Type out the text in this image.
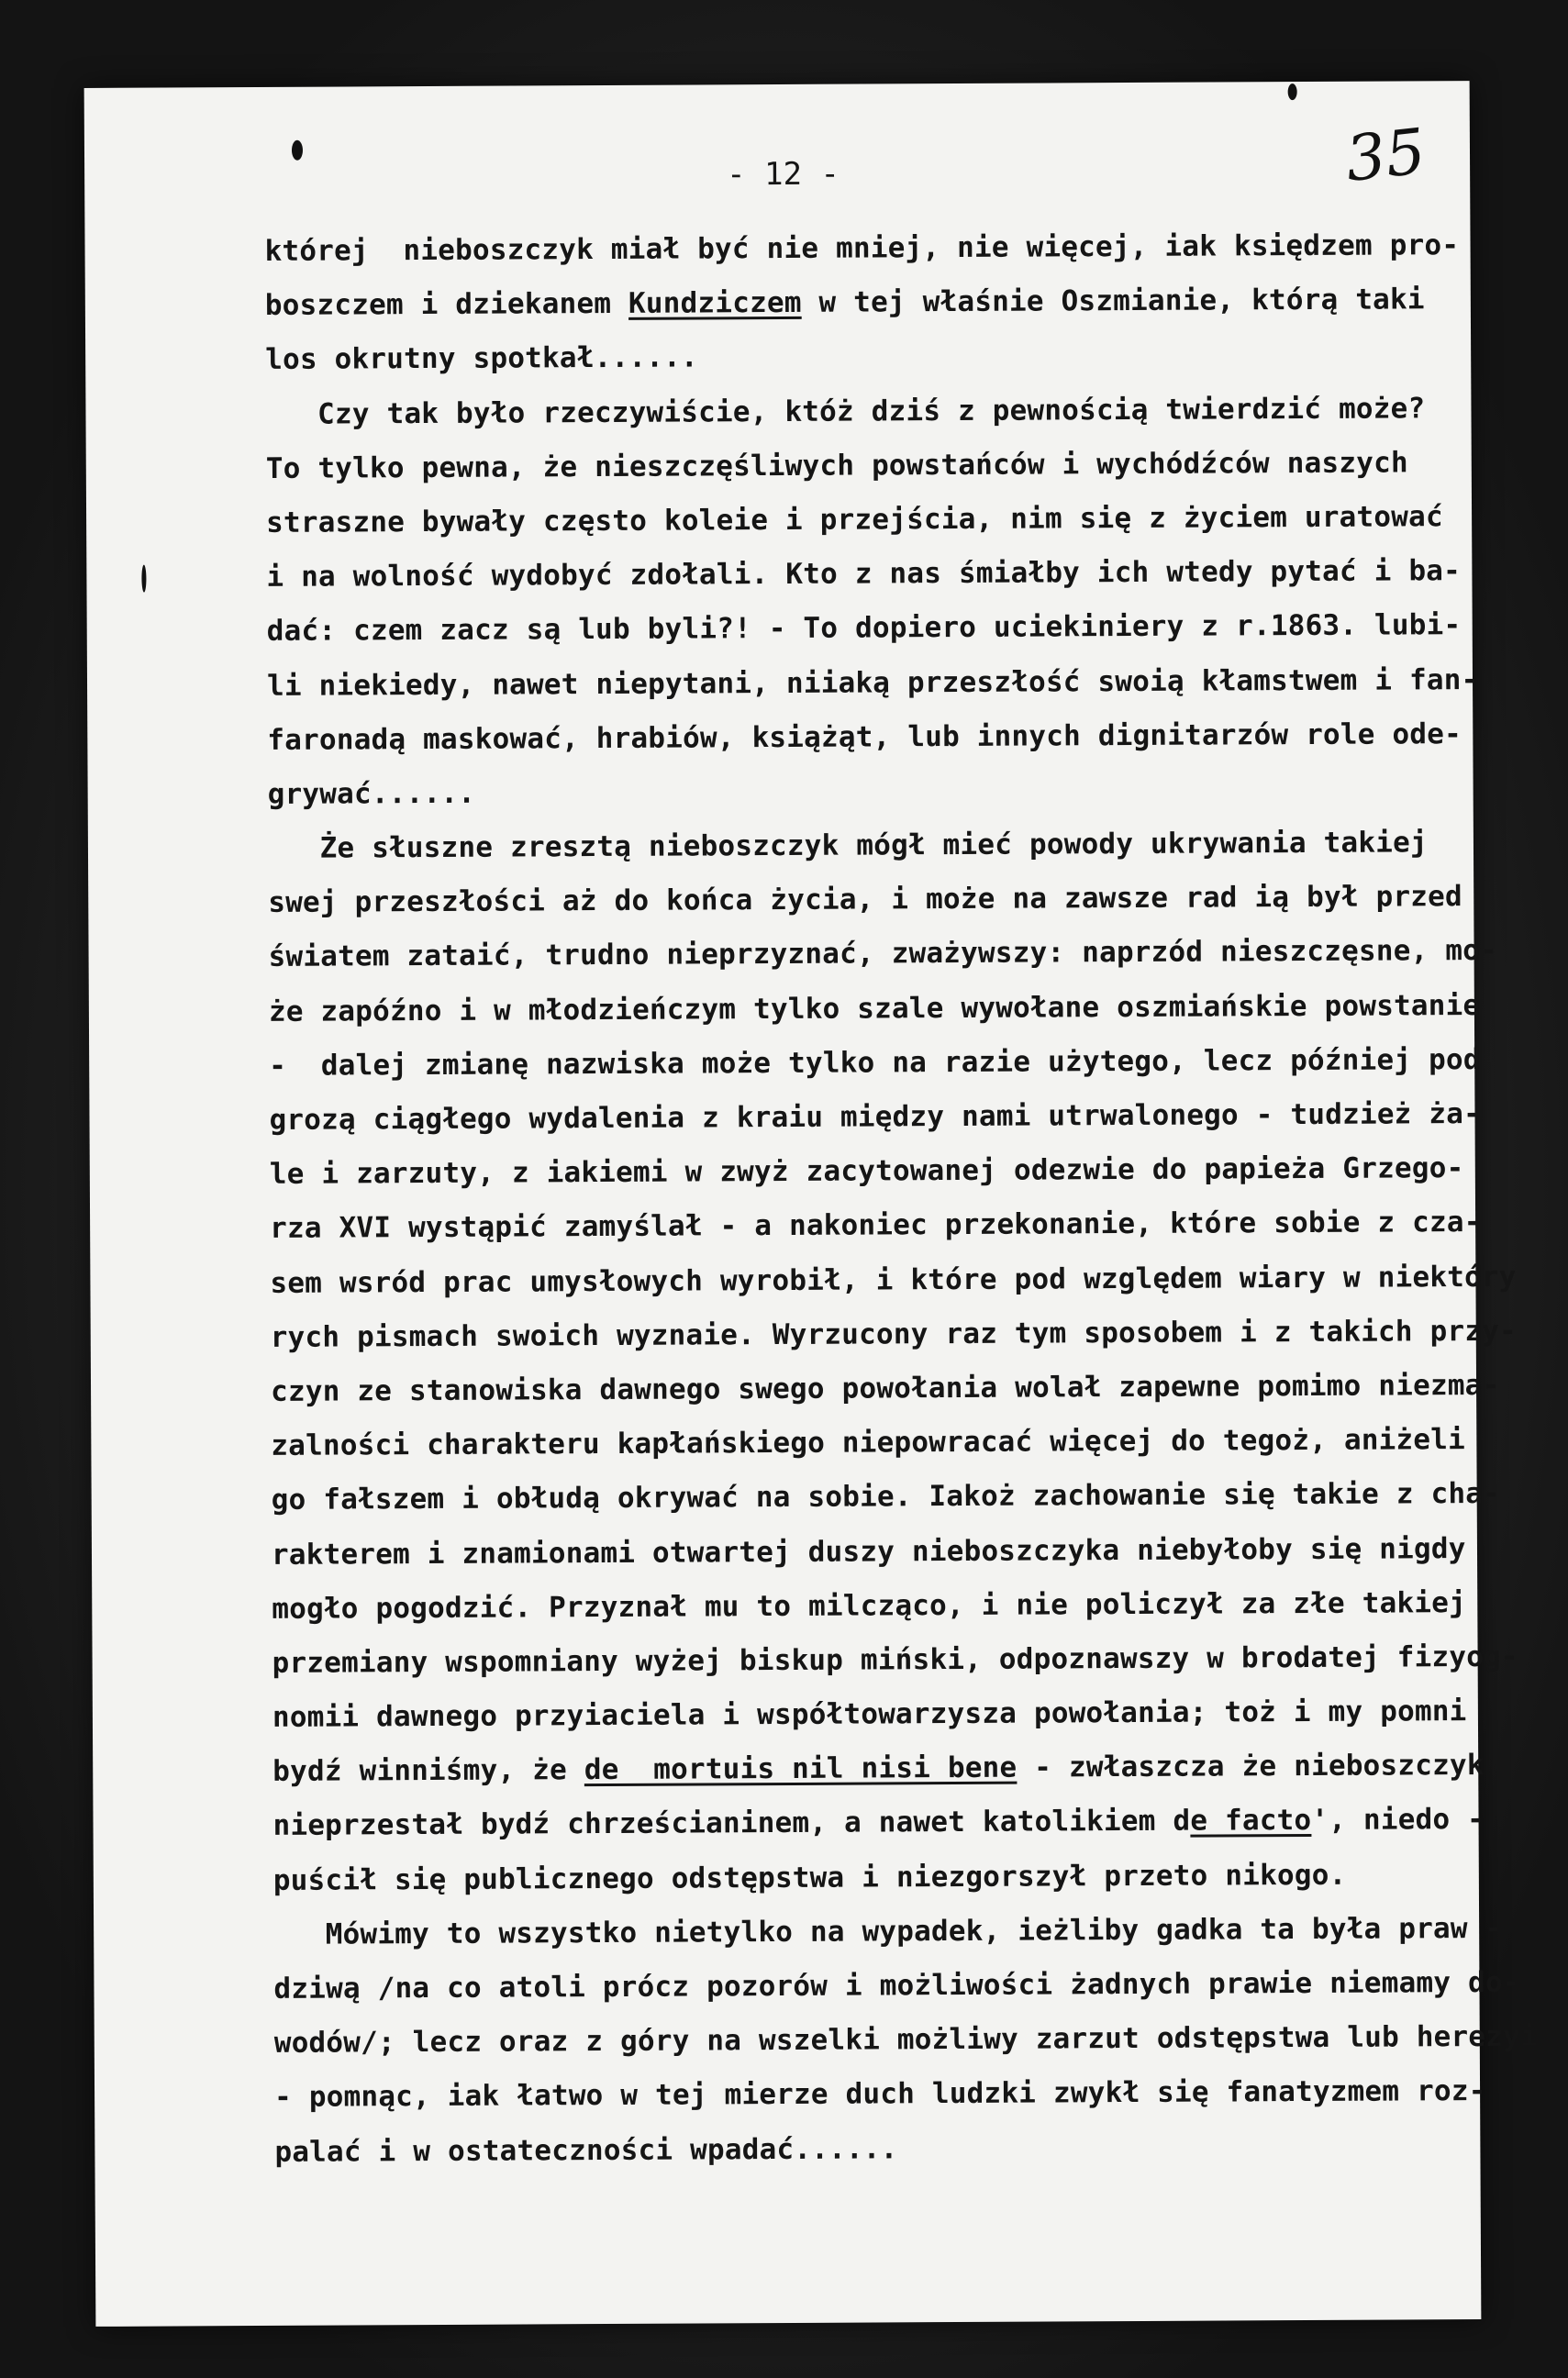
- 12 -	35
której  nieboszczyk miał być nie mniej, nie więcej, iak księdzem pro-
boszczem i dziekanem Kundziczem w tej właśnie Oszmianie, którą taki
los okrutny spotkał......
Czy tak było rzeczywiście, któż dziś z pewnością twierdzić może?
To tylko pewna, że nieszczęśliwych powstańców i wychódźców naszych
straszne bywały często koleie i przejścia, nim się z życiem uratować
i na wolność wydobyć zdołali. Kto z nas śmiałby ich wtedy pytać i ba-
dać: czem zacz są lub byli?! - To dopiero uciekiniery z r.1863. lubi-
li niekiedy, nawet niepytani, niiaką przeszłość swoią kłamstwem i fan-
faronadą maskować, hrabiów, książąt, lub innych dignitarzów role ode-
grywać......
Że słuszne zresztą nieboszczyk mógł mieć powody ukrywania takiej
swej przeszłości aż do końca życia, i może na zawsze rad ią był przed
światem zataić, trudno nieprzyznać, zważywszy: naprzód nieszczęsne, mo-
że zapóźno i w młodzieńczym tylko szale wywołane oszmiańskie powstanie
-  dalej zmianę nazwiska może tylko na razie użytego, lecz później pod
grozą ciągłego wydalenia z kraiu między nami utrwalonego - tudzież ża-
le i zarzuty, z iakiemi w zwyż zacytowanej odezwie do papieża Grzego-
rza XVI wystąpić zamyślał - a nakoniec przekonanie, które sobie z cza-
sem wsród prac umysłowych wyrobił, i które pod względem wiary w niektóry
rych pismach swoich wyznaie. Wyrzucony raz tym sposobem i z takich przy-
czyn ze stanowiska dawnego swego powołania wolał zapewne pomimo niezma-
zalności charakteru kapłańskiego niepowracać więcej do tegoż, aniżeli
go fałszem i obłudą okrywać na sobie. Iakoż zachowanie się takie z cha-
rakterem i znamionami otwartej duszy nieboszczyka niebyłoby się nigdy
mogło pogodzić. Przyznał mu to milcząco, i nie policzył za złe takiej
przemiany wspomniany wyżej biskup miński, odpoznawszy w brodatej fizyog-
nomii dawnego przyiaciela i współtowarzysza powołania; toż i my pomni
bydź winniśmy, że de  mortuis nil nisi bene - zwłaszcza że nieboszczyk
nieprzestał bydź chrześcianinem, a nawet katolikiem de facto', niedo -
puścił się publicznego odstępstwa i niezgorszył przeto nikogo.
Mówimy to wszystko nietylko na wypadek, ieżliby gadka ta była praw -
dziwą /na co atoli prócz pozorów i możliwości żadnych prawie niemamy do-
wodów/; lecz oraz z góry na wszelki możliwy zarzut odstępstwa lub herezyi
- pomnąc, iak łatwo w tej mierze duch ludzki zwykł się fanatyzmem roz-
palać i w ostateczności wpadać......
